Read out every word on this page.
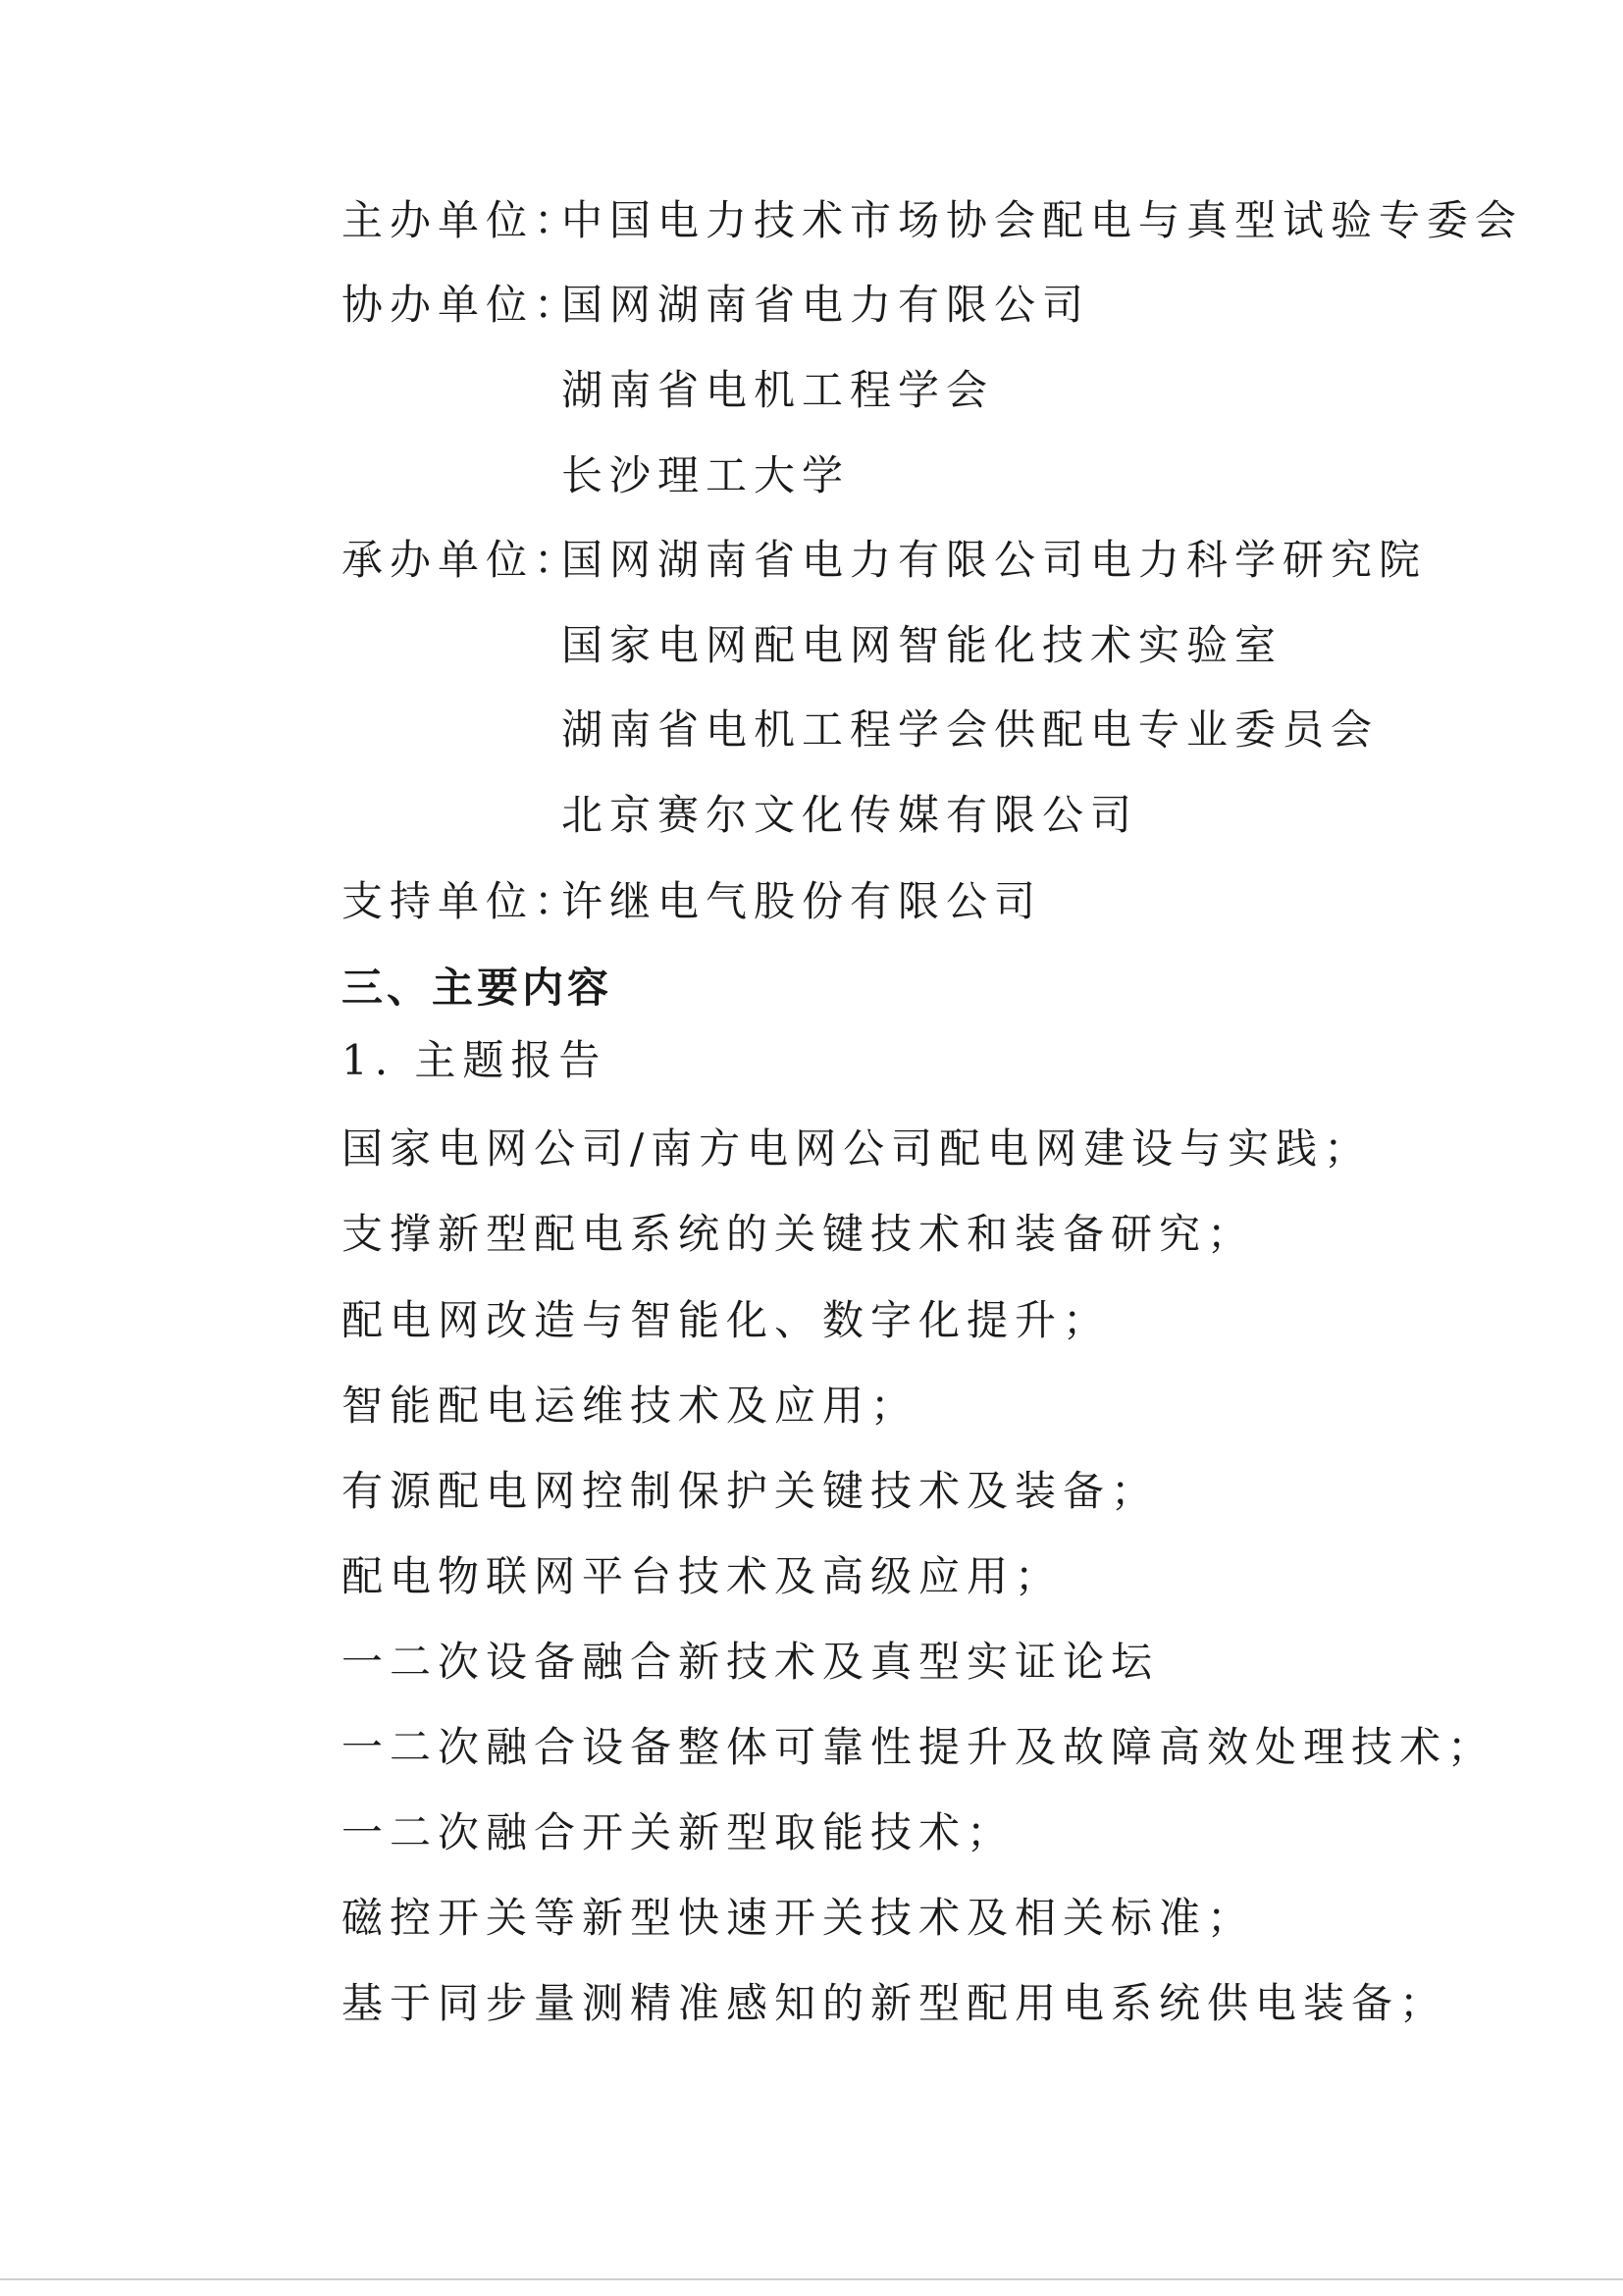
主办单位：
中国电力技术市场协会配电与真型试验专委会
协办单位：
国网湖南省电力有限公司
湖南省电机工程学会
长沙理工大学
承办单位：
国网湖南省电力有限公司电力科学研究院
国家电网配电网智能化技术实验室
湖南省电机工程学会供配电专业委员会
北京赛尔文化传媒有限公司
支持单位：
许继电气股份有限公司
三、主要内容
1. 主题报告
国家电网公司/南方电网公司配电网建设与实践；
支撑新型配电系统的关键技术和装备研究；
配电网改造与智能化、数字化提升；
智能配电运维技术及应用；
有源配电网控制保护关键技术及装备；
配电物联网平台技术及高级应用；
一二次设备融合新技术及真型实证论坛
一二次融合设备整体可靠性提升及故障高效处理技术；
一二次融合开关新型取能技术；
磁控开关等新型快速开关技术及相关标准；
基于同步量测精准感知的新型配用电系统供电装备；
